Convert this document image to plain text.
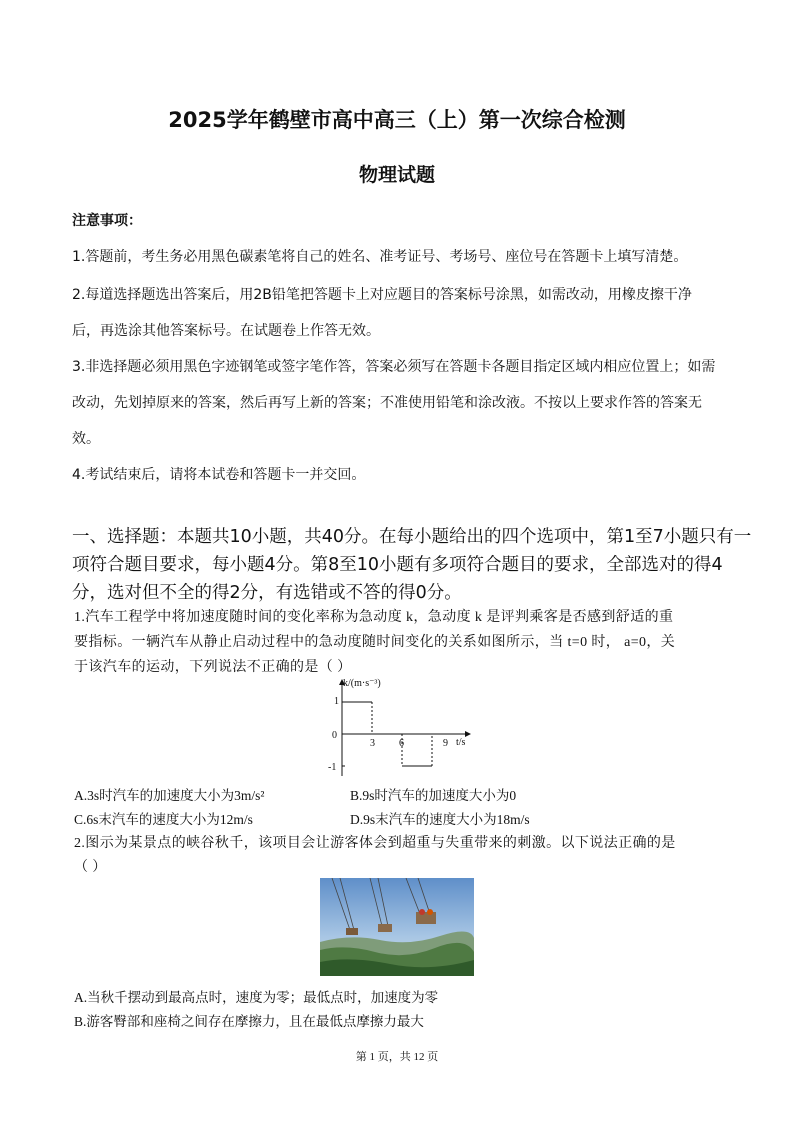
2025学年鹤壁市高中高三（上）第一次综合检测
物理试题
注意事项：
1.答题前，考生务必用黑色碳素笔将自己的姓名、准考证号、考场号、座位号在答题卡上填写清楚。
2.每道选择题选出答案后，用2B铅笔把答题卡上对应题目的答案标号涂黑，如需改动，用橡皮擦干净
后，再选涂其他答案标号。在试题卷上作答无效。
3.非选择题必须用黑色字迹钢笔或签字笔作答，答案必须写在答题卡各题目指定区域内相应位置上；如需
改动，先划掉原来的答案，然后再写上新的答案；不准使用铅笔和涂改液。不按以上要求作答的答案无
效。
4.考试结束后，请将本试卷和答题卡一并交回。
一、选择题：本题共10小题，共40分。在每小题给出的四个选项中，第1至7小题只有一
项符合题目要求，每小题4分。第8至10小题有多项符合题目的要求，全部选对的得4
分，选对但不全的得2分，有选错或不答的得0分。
1.汽车工程学中将加速度随时间的变化率称为急动度 k，急动度 k 是评判乘客是否感到舒适的重
要指标。一辆汽车从静止启动过程中的急动度随时间变化的关系如图所示，当 t=0 时， a=0，关
于该汽车的运动，下列说法不正确的是（ ）
k/(m·s⁻³)
t/s
1
0
-1
3 6	9
A.3s时汽车的加速度大小为3m/s²	B.9s时汽车的加速度大小为0
C.6s末汽车的速度大小为12m/s	D.9s末汽车的速度大小为18m/s
2.图示为某景点的峡谷秋千，该项目会让游客体会到超重与失重带来的刺激。以下说法正确的是
（ ）
A.当秋千摆动到最高点时，速度为零；最低点时，加速度为零
B.游客臀部和座椅之间存在摩擦力，且在最低点摩擦力最大
第 1 页，共 12 页
